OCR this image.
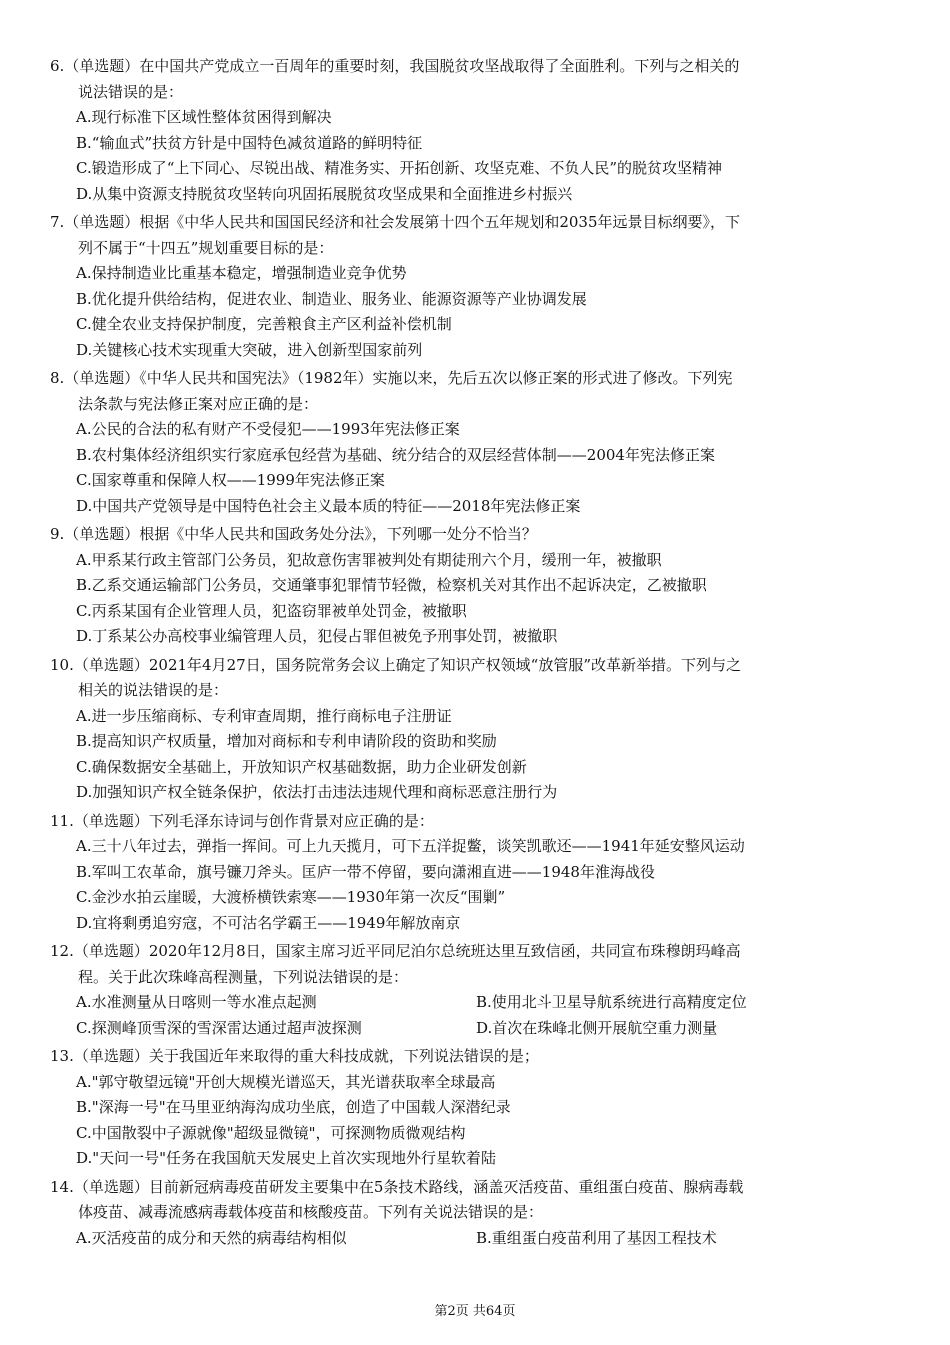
6.（单选题）在中国共产党成立一百周年的重要时刻，我国脱贫攻坚战取得了全面胜利。下列与之相关的
说法错误的是：
A.现行标准下区域性整体贫困得到解决
B.“输血式”扶贫方针是中国特色减贫道路的鲜明特征
C.锻造形成了“上下同心、尽锐出战、精准务实、开拓创新、攻坚克难、不负人民”的脱贫攻坚精神
D.从集中资源支持脱贫攻坚转向巩固拓展脱贫攻坚成果和全面推进乡村振兴
7.（单选题）根据《中华人民共和国国民经济和社会发展第十四个五年规划和2035年远景目标纲要》，下
列不属于“十四五”规划重要目标的是：
A.保持制造业比重基本稳定，增强制造业竞争优势
B.优化提升供给结构，促进农业、制造业、服务业、能源资源等产业协调发展
C.健全农业支持保护制度，完善粮食主产区利益补偿机制
D.关键核心技术实现重大突破，进入创新型国家前列
8.（单选题）《中华人民共和国宪法》（1982年）实施以来，先后五次以修正案的形式进了修改。下列宪
法条款与宪法修正案对应正确的是：
A.公民的合法的私有财产不受侵犯——1993年宪法修正案
B.农村集体经济组织实行家庭承包经营为基础、统分结合的双层经营体制——2004年宪法修正案
C.国家尊重和保障人权——1999年宪法修正案
D.中国共产党领导是中国特色社会主义最本质的特征——2018年宪法修正案
9.（单选题）根据《中华人民共和国政务处分法》，下列哪一处分不恰当？
A.甲系某行政主管部门公务员，犯故意伤害罪被判处有期徒刑六个月，缓刑一年，被撤职
B.乙系交通运输部门公务员，交通肇事犯罪情节轻微，检察机关对其作出不起诉决定，乙被撤职
C.丙系某国有企业管理人员，犯盗窃罪被单处罚金，被撤职
D.丁系某公办高校事业编管理人员，犯侵占罪但被免予刑事处罚，被撤职
10.（单选题）2021年4月27日，国务院常务会议上确定了知识产权领域“放管服”改革新举措。下列与之
相关的说法错误的是：
A.进一步压缩商标、专利审查周期，推行商标电子注册证
B.提高知识产权质量，增加对商标和专利申请阶段的资助和奖励
C.确保数据安全基础上，开放知识产权基础数据，助力企业研发创新
D.加强知识产权全链条保护，依法打击违法违规代理和商标恶意注册行为
11.（单选题）下列毛泽东诗词与创作背景对应正确的是：
A.三十八年过去，弹指一挥间。可上九天揽月，可下五洋捉鳖，谈笑凯歌还——1941年延安整风运动
B.军叫工农革命，旗号镰刀斧头。匡庐一带不停留，要向潇湘直进——1948年淮海战役
C.金沙水拍云崖暖，大渡桥横铁索寒——1930年第一次反“围剿”
D.宜将剩勇追穷寇，不可沽名学霸王——1949年解放南京
12.（单选题）2020年12月8日，国家主席习近平同尼泊尔总统班达里互致信函，共同宣布珠穆朗玛峰高
程。关于此次珠峰高程测量，下列说法错误的是：
A.水准测量从日喀则一等水准点起测	B.使用北斗卫星导航系统进行高精度定位
C.探测峰顶雪深的雪深雷达通过超声波探测	D.首次在珠峰北侧开展航空重力测量
13.（单选题）关于我国近年来取得的重大科技成就，下列说法错误的是；
A."郭守敬望远镜"开创大规模光谱巡天，其光谱获取率全球最高
B."深海一号"在马里亚纳海沟成功坐底，创造了中国载人深潜纪录
C.中国散裂中子源就像"超级显微镜"，可探测物质微观结构
D."天问一号"任务在我国航天发展史上首次实现地外行星软着陆
14.（单选题）目前新冠病毒疫苗研发主要集中在5条技术路线，涵盖灭活疫苗、重组蛋白疫苗、腺病毒载
体疫苗、减毒流感病毒载体疫苗和核酸疫苗。下列有关说法错误的是：
A.灭活疫苗的成分和天然的病毒结构相似	B.重组蛋白疫苗利用了基因工程技术
第2页 共64页
